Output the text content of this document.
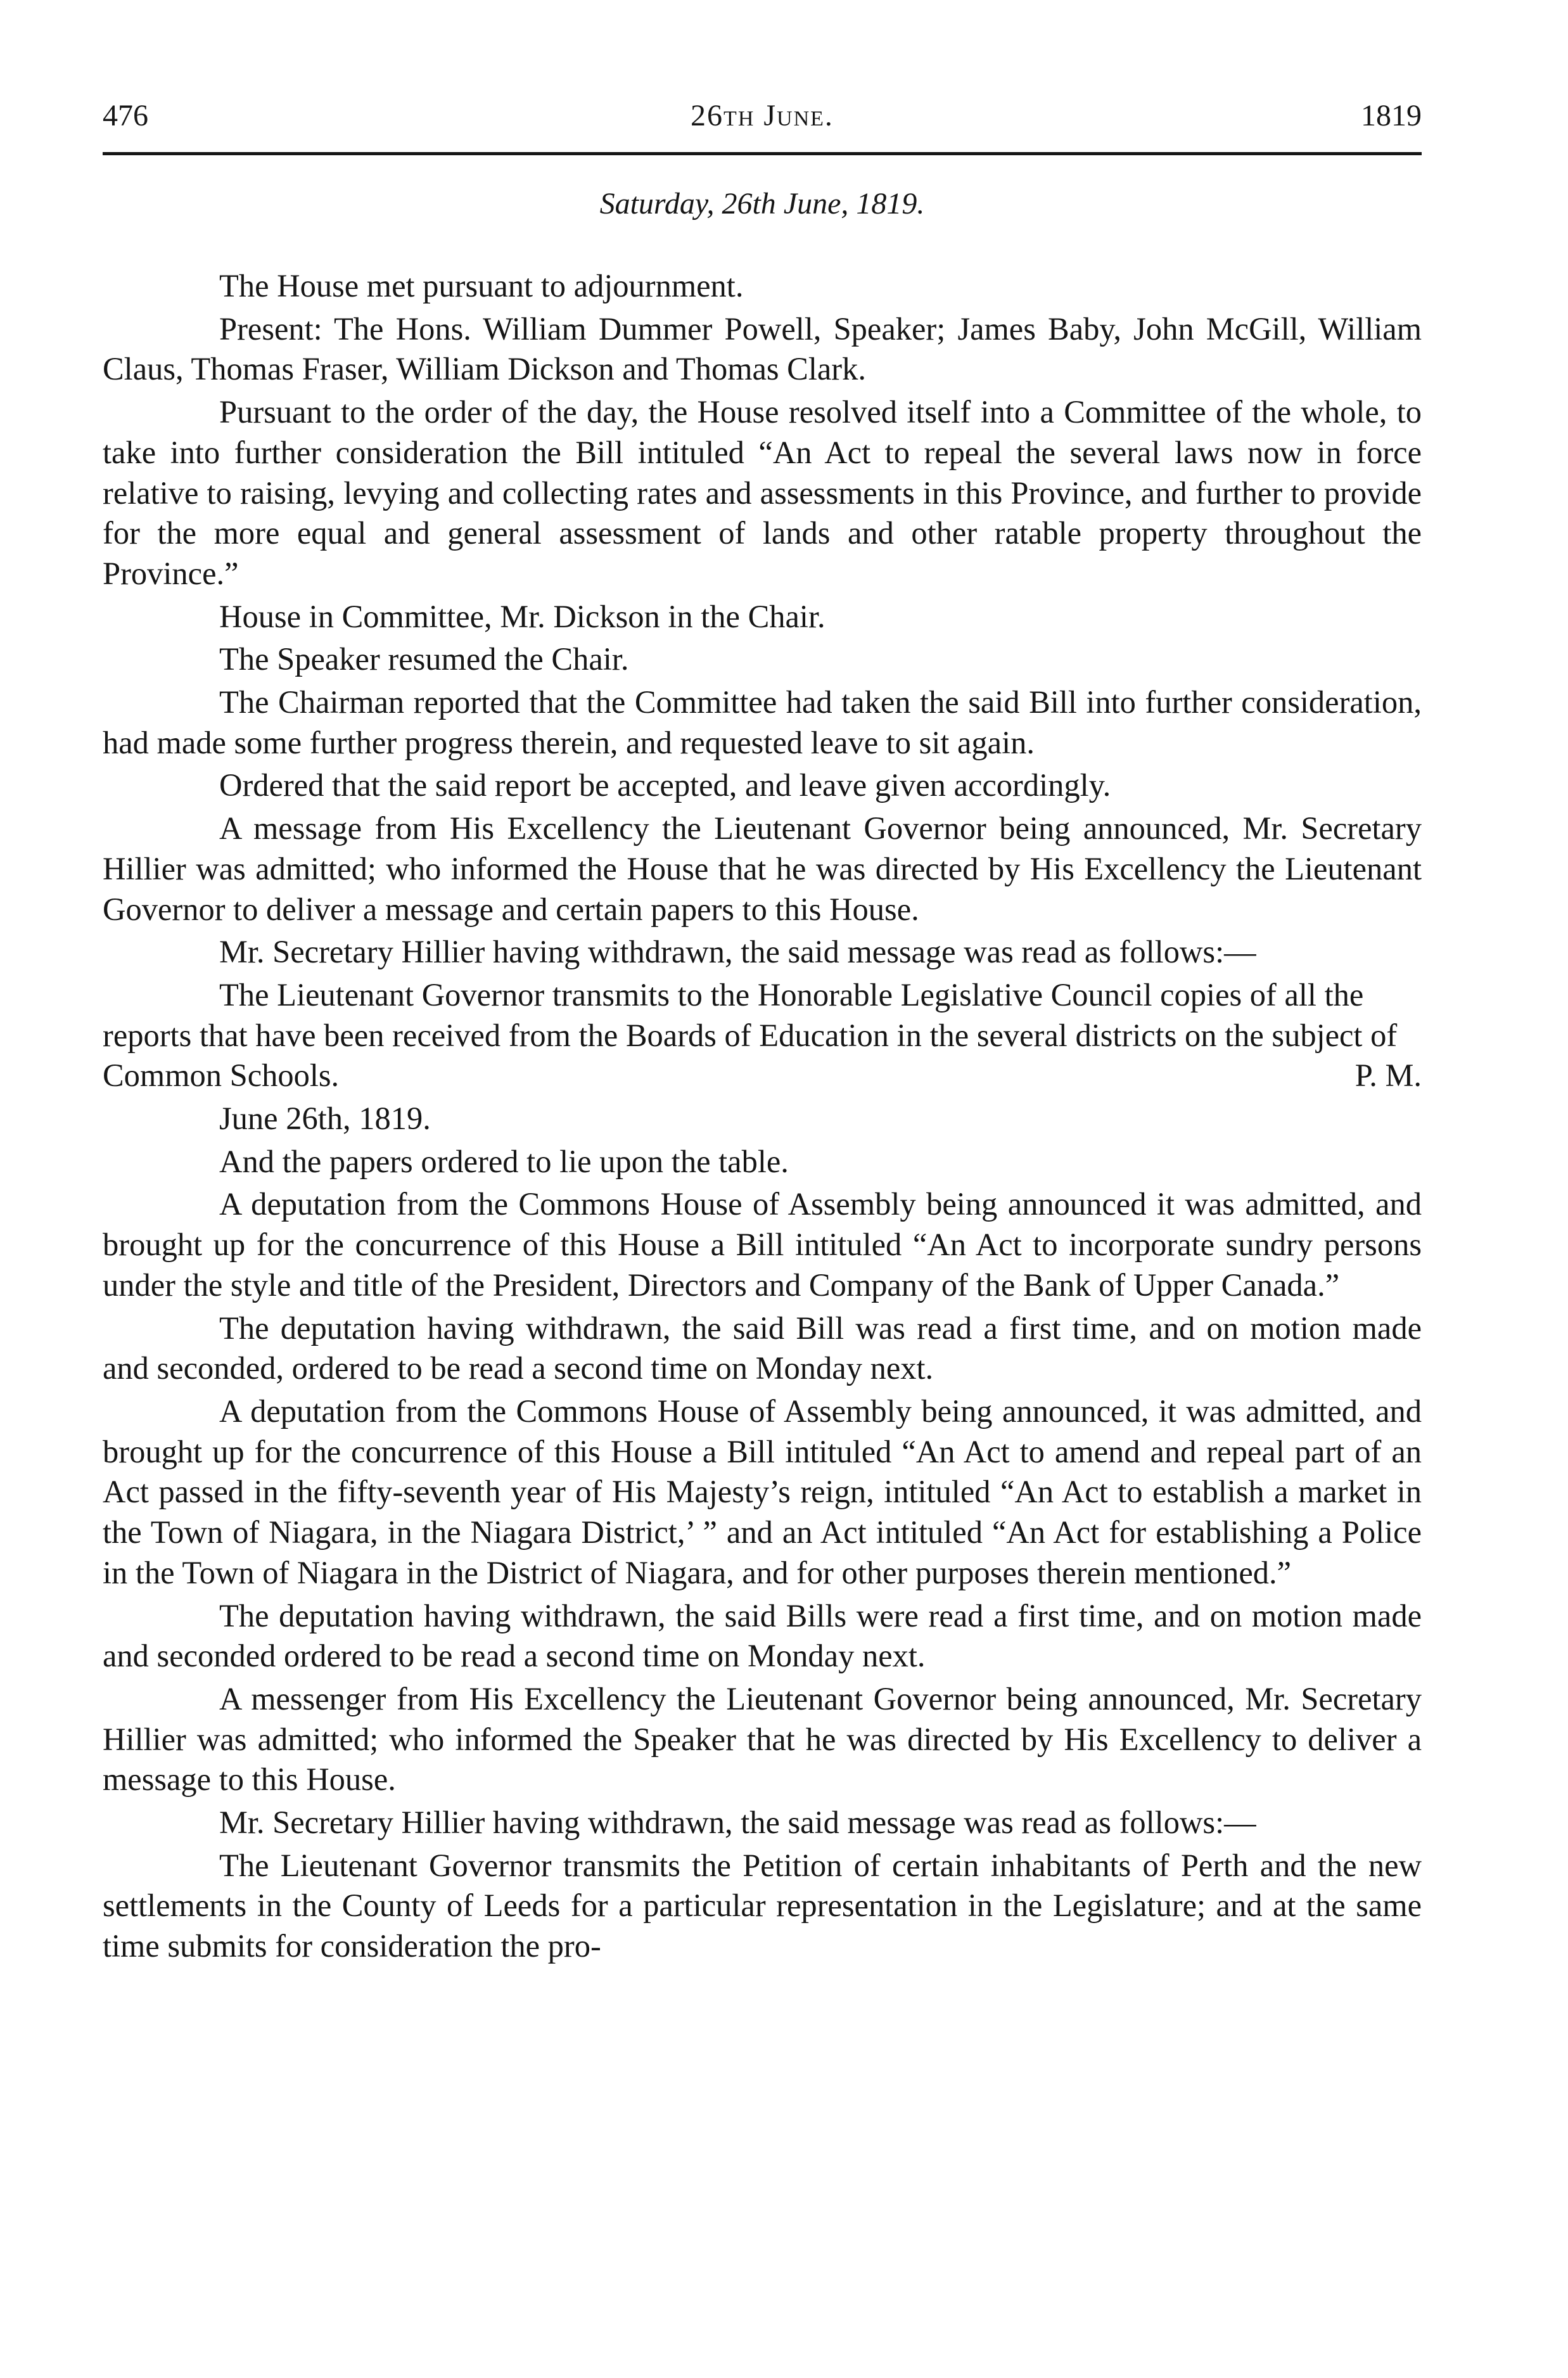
476	26th June.	1819
Saturday, 26th June, 1819.

The House met pursuant to adjournment.

Present: The Hons. William Dummer Powell, Speaker; James Baby, John McGill, William Claus, Thomas Fraser, William Dickson and Thomas Clark.

Pursuant to the order of the day, the House resolved itself into a Committee of the whole, to take into further consideration the Bill intituled “An Act to repeal the several laws now in force relative to raising, levying and collecting rates and assessments in this Province, and further to provide for the more equal and general assessment of lands and other ratable property throughout the Province.”

House in Committee, Mr. Dickson in the Chair.

The Speaker resumed the Chair.

The Chairman reported that the Committee had taken the said Bill into further consideration, had made some further progress therein, and requested leave to sit again.

Ordered that the said report be accepted, and leave given accordingly.

A message from His Excellency the Lieutenant Governor being announced, Mr. Secretary Hillier was admitted; who informed the House that he was directed by His Excellency the Lieutenant Governor to deliver a message and certain papers to this House.

Mr. Secretary Hillier having withdrawn, the said message was read as follows:—

The Lieutenant Governor transmits to the Honorable Legislative Council copies of all the reports that have been received from the Boards of Education in the several districts on the subject of Common Schools.	P. M.

June 26th, 1819.

And the papers ordered to lie upon the table.

A deputation from the Commons House of Assembly being announced it was admitted, and brought up for the concurrence of this House a Bill intituled “An Act to incorporate sundry persons under the style and title of the President, Directors and Company of the Bank of Upper Canada.”

The deputation having withdrawn, the said Bill was read a first time, and on motion made and seconded, ordered to be read a second time on Monday next.

A deputation from the Commons House of Assembly being announced, it was admitted, and brought up for the concurrence of this House a Bill intituled “An Act to amend and repeal part of an Act passed in the fifty-seventh year of His Majesty’s reign, intituled “An Act to establish a market in the Town of Niagara, in the Niagara District,’ ” and an Act intituled “An Act for establishing a Police in the Town of Niagara in the District of Niagara, and for other purposes therein mentioned.”

The deputation having withdrawn, the said Bills were read a first time, and on motion made and seconded ordered to be read a second time on Monday next.

A messenger from His Excellency the Lieutenant Governor being announced, Mr. Secretary Hillier was admitted; who informed the Speaker that he was directed by His Excellency to deliver a message to this House.

Mr. Secretary Hillier having withdrawn, the said message was read as follows:—

The Lieutenant Governor transmits the Petition of certain inhabitants of Perth and the new settlements in the County of Leeds for a particular representation in the Legislature; and at the same time submits for consideration the pro-
